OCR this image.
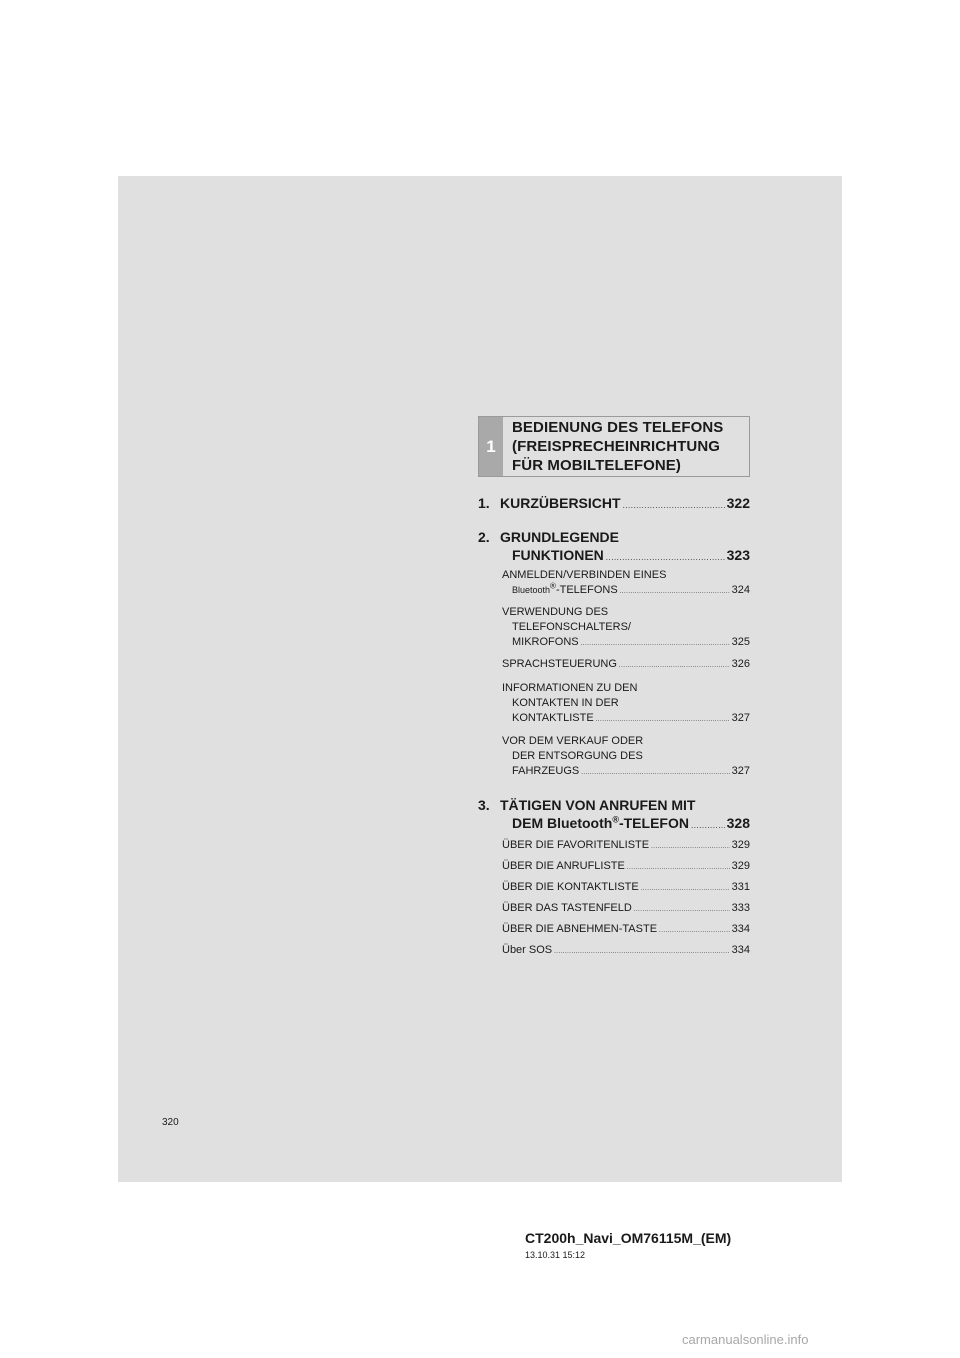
1
BEDIENUNG DES TELEFONS
(FREISPRECHEINRICHTUNG
FÜR MOBILTELEFONE)
1. KURZÜBERSICHT .....	322
2. GRUNDLEGENDE
FUNKTIONEN .....	323
ANMELDEN/VERBINDEN EINES
Bluetooth®-TELEFONS .....	324
VERWENDUNG DES
TELEFONSCHALTERS/
MIKROFONS .....	325
SPRACHSTEUERUNG .....	326
INFORMATIONEN ZU DEN
KONTAKTEN IN DER
KONTAKTLISTE .....	327
VOR DEM VERKAUF ODER
DER ENTSORGUNG DES
FAHRZEUGS .....	327
3. TÄTIGEN VON ANRUFEN MIT
DEM Bluetooth®-TELEFON .....	328
ÜBER DIE FAVORITENLISTE .....	329
ÜBER DIE ANRUFLISTE .....	329
ÜBER DIE KONTAKTLISTE .....	331
ÜBER DAS TASTENFELD .....	333
ÜBER DIE ABNEHMEN-TASTE .....	334
Über SOS .....	334
320
CT200h_Navi_OM76115M_(EM)
13.10.31 15:12
carmanualsonline.info
